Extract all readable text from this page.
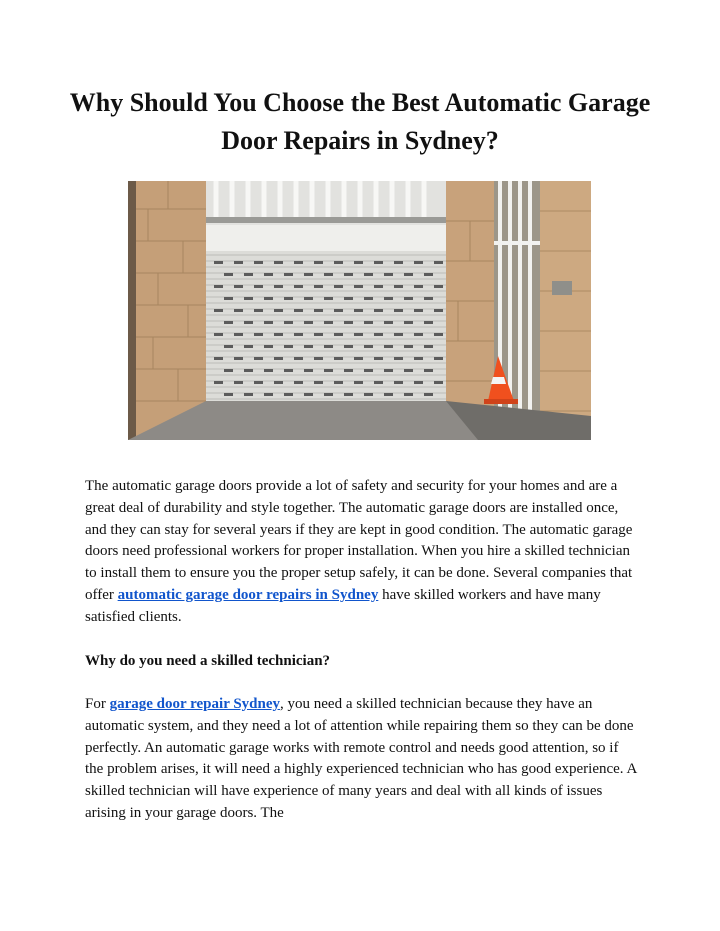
Why Should You Choose the Best Automatic Garage Door Repairs in Sydney?

The automatic garage doors provide a lot of safety and security for your homes and are a great deal of durability and style together. The automatic garage doors are installed once, and they can stay for several years if they are kept in good condition. The automatic garage doors need professional workers for proper installation. When you hire a skilled technician to install them to ensure you the proper setup safely, it can be done. Several companies that offer automatic garage door repairs in Sydney have skilled workers and have many satisfied clients.

Why do you need a skilled technician?

For garage door repair Sydney, you need a skilled technician because they have an automatic system, and they need a lot of attention while repairing them so they can be done perfectly. An automatic garage works with remote control and needs good attention, so if the problem arises, it will need a highly experienced technician who has good experience. A skilled technician will have experience of many years and deal with all kinds of issues arising in your garage doors. The
